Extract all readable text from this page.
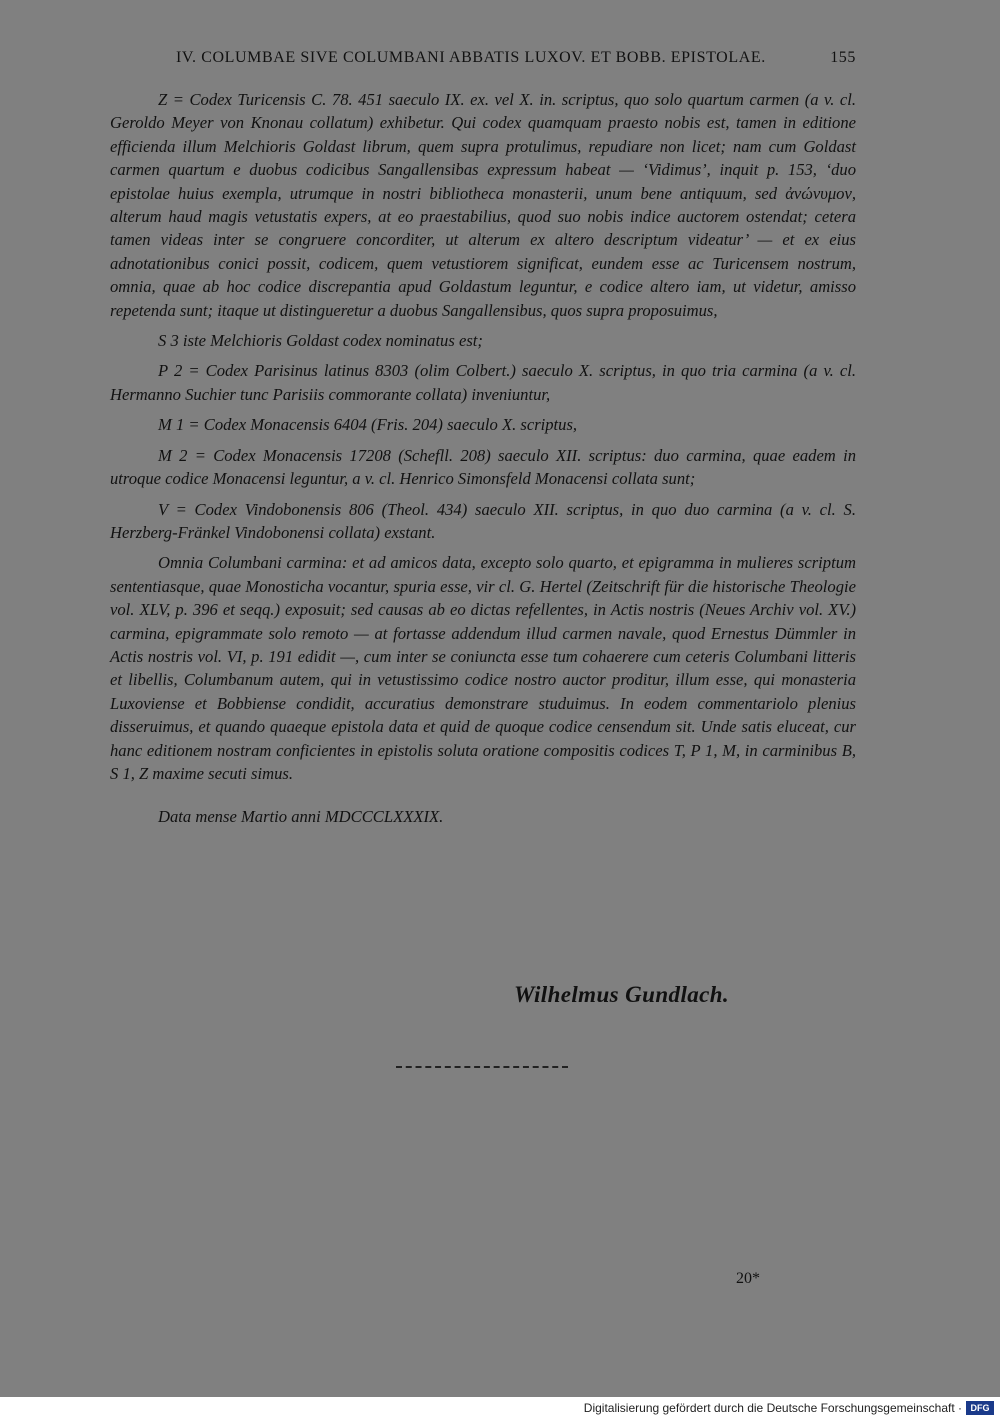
IV. COLUMBAE SIVE COLUMBANI ABBATIS LUXOV. ET BOBB. EPISTOLAE.	155

Z = Codex Turicensis C. 78. 451 saeculo IX. ex. vel X. in. scriptus, quo solo quartum carmen (a v. cl. Geroldo Meyer von Knonau collatum) exhibetur. Qui codex quamquam praesto nobis est, tamen in editione efficienda illum Melchioris Goldast librum, quem supra protulimus, repudiare non licet; nam cum Goldast carmen quartum e duobus codicibus Sangallensibas expressum habeat — ‘Vidimus’, inquit p. 153, ‘duo epistolae huius exempla, utrumque in nostri bibliotheca monasterii, unum bene antiquum, sed ἀνώνυμον, alterum haud magis vetustatis expers, at eo praestabilius, quod suo nobis indice auctorem ostendat; cetera tamen videas inter se congruere concorditer, ut alterum ex altero descriptum videatur’ — et ex eius adnotationibus conici possit, codicem, quem vetustiorem significat, eundem esse ac Turicensem nostrum, omnia, quae ab hoc codice discrepantia apud Goldastum leguntur, e codice altero iam, ut videtur, amisso repetenda sunt; itaque ut distingueretur a duobus Sangallensibus, quos supra proposuimus,

S 3 iste Melchioris Goldast codex nominatus est;

P 2 = Codex Parisinus latinus 8303 (olim Colbert.) saeculo X. scriptus, in quo tria carmina (a v. cl. Hermanno Suchier tunc Parisiis commorante collata) inveniuntur,

M 1 = Codex Monacensis 6404 (Fris. 204) saeculo X. scriptus,

M 2 = Codex Monacensis 17208 (Schefll. 208) saeculo XII. scriptus: duo carmina, quae eadem in utroque codice Monacensi leguntur, a v. cl. Henrico Simonsfeld Monacensi collata sunt;

V = Codex Vindobonensis 806 (Theol. 434) saeculo XII. scriptus, in quo duo carmina (a v. cl. S. Herzberg-Fränkel Vindobonensi collata) exstant.

Omnia Columbani carmina: et ad amicos data, excepto solo quarto, et epigramma in mulieres scriptum sententiasque, quae Monosticha vocantur, spuria esse, vir cl. G. Hertel (Zeitschrift für die historische Theologie vol. XLV, p. 396 et seqq.) exposuit; sed causas ab eo dictas refellentes, in Actis nostris (Neues Archiv vol. XV.) carmina, epigrammate solo remoto — at fortasse addendum illud carmen navale, quod Ernestus Dümmler in Actis nostris vol. VI, p. 191 edidit —, cum inter se coniuncta esse tum cohaerere cum ceteris Columbani litteris et libellis, Columbanum autem, qui in vetustissimo codice nostro auctor proditur, illum esse, qui monasteria Luxoviense et Bobbiense condidit, accuratius demonstrare studuimus. In eodem commentariolo plenius disseruimus, et quando quaeque epistola data et quid de quoque codice censendum sit. Unde satis eluceat, cur hanc editionem nostram conficientes in epistolis soluta oratione compositis codices T, P 1, M, in carminibus B, S 1, Z maxime secuti simus.

Data mense Martio anni MDCCCLXXXIX.

Wilhelmus Gundlach.
20*
Digitalisierung gefördert durch die Deutsche Forschungsgemeinschaft · DFG
